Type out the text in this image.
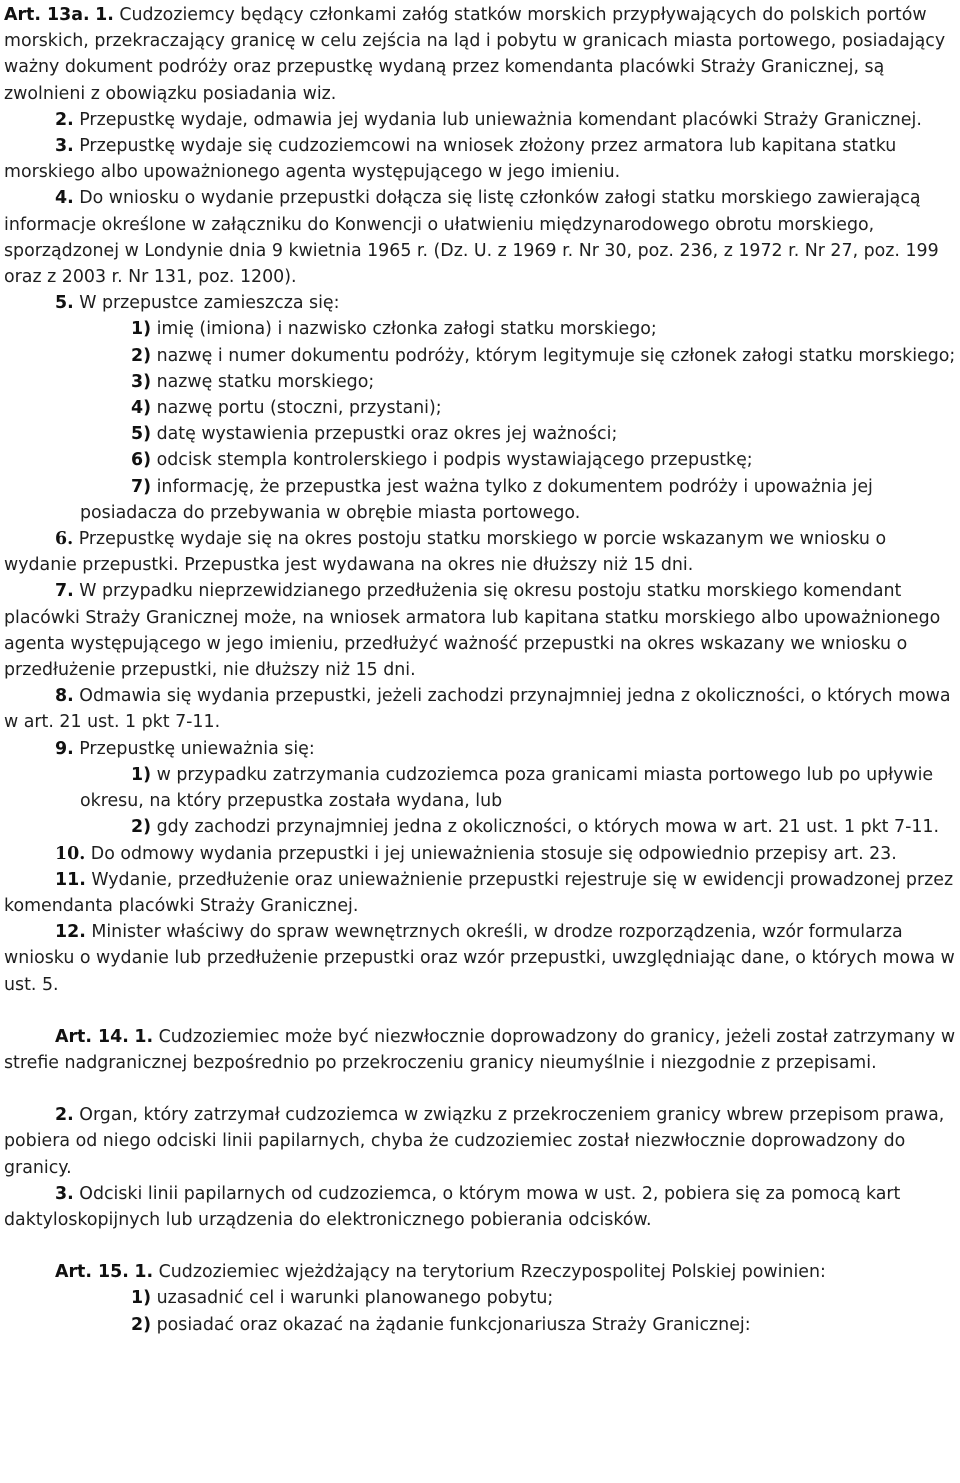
Art. 13a. 1. Cudzoziemcy będący członkami załóg statków morskich przypływających do polskich portów morskich, przekraczający granicę w celu zejścia na ląd i pobytu w granicach miasta portowego, posiadający ważny dokument podróży oraz przepustkę wydaną przez komendanta placówki Straży Granicznej, są zwolnieni z obowiązku posiadania wiz.

2. Przepustkę wydaje, odmawia jej wydania lub unieważnia komendant placówki Straży Granicznej.

3. Przepustkę wydaje się cudzoziemcowi na wniosek złożony przez armatora lub kapitana statku morskiego albo upoważnionego agenta występującego w jego imieniu.

4. Do wniosku o wydanie przepustki dołącza się listę członków załogi statku morskiego zawierającą informacje określone w załączniku do Konwencji o ułatwieniu międzynarodowego obrotu morskiego, sporządzonej w Londynie dnia 9 kwietnia 1965 r. (Dz. U. z 1969 r. Nr 30, poz. 236, z 1972 r. Nr 27, poz. 199 oraz z 2003 r. Nr 131, poz. 1200).

5. W przepustce zamieszcza się:

1) imię (imiona) i nazwisko członka załogi statku morskiego;

2) nazwę i numer dokumentu podróży, którym legitymuje się członek załogi statku morskiego;

3) nazwę statku morskiego;

4) nazwę portu (stoczni, przystani);

5) datę wystawienia przepustki oraz okres jej ważności;

6) odcisk stempla kontrolerskiego i podpis wystawiającego przepustkę;

7) informację, że przepustka jest ważna tylko z dokumentem podróży i upoważnia jej posiadacza do przebywania w obrębie miasta portowego.

6. Przepustkę wydaje się na okres postoju statku morskiego w porcie wskazanym we wniosku o wydanie przepustki. Przepustka jest wydawana na okres nie dłuższy niż 15 dni.

7. W przypadku nieprzewidzianego przedłużenia się okresu postoju statku morskiego komendant placówki Straży Granicznej może, na wniosek armatora lub kapitana statku morskiego albo upoważnionego agenta występującego w jego imieniu, przedłużyć ważność przepustki na okres wskazany we wniosku o przedłużenie przepustki, nie dłuższy niż 15 dni.

8. Odmawia się wydania przepustki, jeżeli zachodzi przynajmniej jedna z okoliczności, o których mowa w art. 21 ust. 1 pkt 7-11.

9. Przepustkę unieważnia się:

1) w przypadku zatrzymania cudzoziemca poza granicami miasta portowego lub po upływie okresu, na który przepustka została wydana, lub

2) gdy zachodzi przynajmniej jedna z okoliczności, o których mowa w art. 21 ust. 1 pkt 7-11.

10. Do odmowy wydania przepustki i jej unieważnienia stosuje się odpowiednio przepisy art. 23.

11. Wydanie, przedłużenie oraz unieważnienie przepustki rejestruje się w ewidencji prowadzonej przez komendanta placówki Straży Granicznej.

12. Minister właściwy do spraw wewnętrznych określi, w drodze rozporządzenia, wzór formularza wniosku o wydanie lub przedłużenie przepustki oraz wzór przepustki, uwzględniając dane, o których mowa w ust. 5.

Art. 14. 1. Cudzoziemiec może być niezwłocznie doprowadzony do granicy, jeżeli został zatrzymany w strefie nadgranicznej bezpośrednio po przekroczeniu granicy nieumyślnie i niezgodnie z przepisami.

2. Organ, który zatrzymał cudzoziemca w związku z przekroczeniem granicy wbrew przepisom prawa, pobiera od niego odciski linii papilarnych, chyba że cudzoziemiec został niezwłocznie doprowadzony do granicy.

3. Odciski linii papilarnych od cudzoziemca, o którym mowa w ust. 2, pobiera się za pomocą kart daktyloskopijnych lub urządzenia do elektronicznego pobierania odcisków.

Art. 15. 1. Cudzoziemiec wjeżdżający na terytorium Rzeczypospolitej Polskiej powinien:

1) uzasadnić cel i warunki planowanego pobytu;

2) posiadać oraz okazać na żądanie funkcjonariusza Straży Granicznej:
